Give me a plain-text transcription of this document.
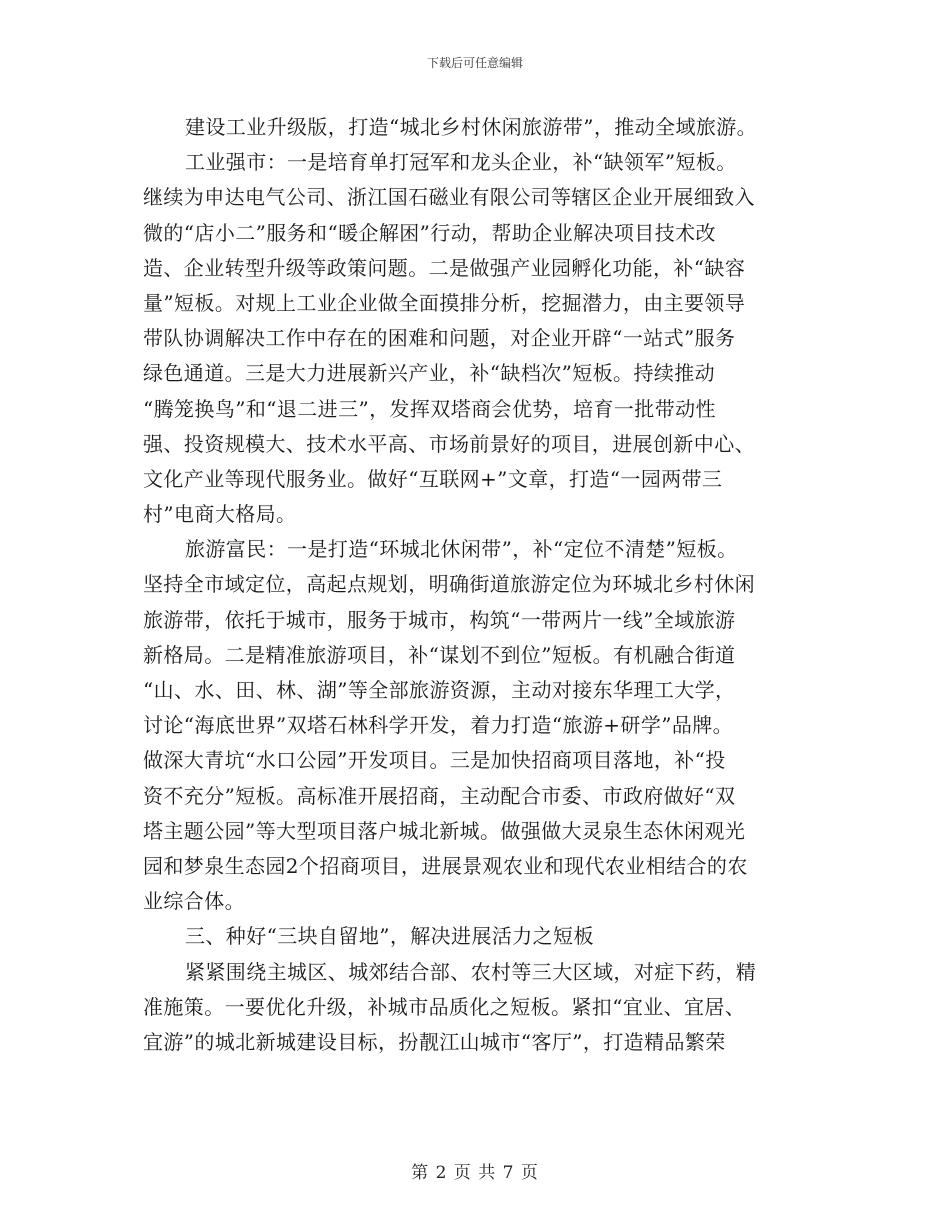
下载后可任意编辑
建设工业升级版，打造“城北乡村休闲旅游带”，推动全域旅游。
工业强市：一是培育单打冠军和龙头企业，补“缺领军”短板。
继续为申达电气公司、浙江国石磁业有限公司等辖区企业开展细致入
微的“店小二”服务和“暖企解困”行动，帮助企业解决项目技术改
造、企业转型升级等政策问题。二是做强产业园孵化功能，补“缺容
量”短板。对规上工业企业做全面摸排分析，挖掘潜力，由主要领导
带队协调解决工作中存在的困难和问题，对企业开辟“一站式”服务
绿色通道。三是大力进展新兴产业，补“缺档次”短板。持续推动
“腾笼换鸟”和“退二进三”，发挥双塔商会优势，培育一批带动性
强、投资规模大、技术水平高、市场前景好的项目，进展创新中心、
文化产业等现代服务业。做好“互联网+”文章，打造“一园两带三
村”电商大格局。
旅游富民：一是打造“环城北休闲带”，补“定位不清楚”短板。
坚持全市域定位，高起点规划，明确街道旅游定位为环城北乡村休闲
旅游带，依托于城市，服务于城市，构筑“一带两片一线”全域旅游
新格局。二是精准旅游项目，补“谋划不到位”短板。有机融合街道
“山、水、田、林、湖”等全部旅游资源，主动对接东华理工大学，
讨论“海底世界”双塔石林科学开发，着力打造“旅游+研学”品牌。
做深大青坑“水口公园”开发项目。三是加快招商项目落地，补“投
资不充分”短板。高标准开展招商，主动配合市委、市政府做好“双
塔主题公园”等大型项目落户城北新城。做强做大灵泉生态休闲观光
园和梦泉生态园2个招商项目，进展景观农业和现代农业相结合的农
业综合体。
三、种好“三块自留地”，解决进展活力之短板
紧紧围绕主城区、城郊结合部、农村等三大区域，对症下药，精
准施策。一要优化升级，补城市品质化之短板。紧扣“宜业、宜居、
宜游”的城北新城建设目标，扮靓江山城市“客厅”，打造精品繁荣
第 2 页 共 7 页
